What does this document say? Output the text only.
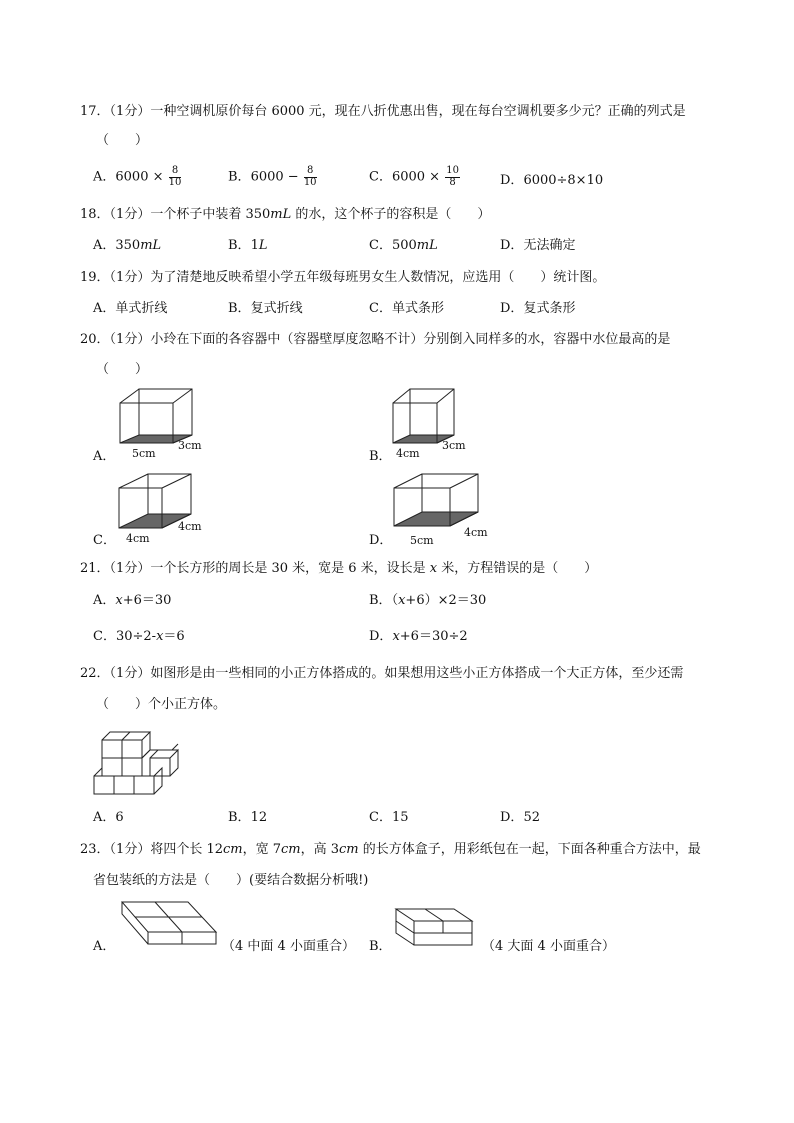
17．（1分）一种空调机原价每台 6000 元，现在八折优惠出售，现在每台空调机要多少元？正确的列式是
（　　）
A．$6000 \times \frac{8}{10}$	B．$6000 - \frac{8}{10}$	C．$6000 \times \frac{10}{8}$	D．6000÷8×10
18．（1分）一个杯子中装着 350mL 的水，这个杯子的容积是（　　）
A．350mL	B．1L	C．500mL	D．无法确定
19．（1分）为了清楚地反映希望小学五年级每班男女生人数情况，应选用（　　）统计图。
A．单式折线	B．复式折线	C．单式条形	D．复式条形
20．（1分）小玲在下面的各容器中（容器壁厚度忽略不计）分别倒入同样多的水，容器中水位最高的是
（　　）
A． 5cm
3cm
B． 4cm
3cm
C． 4cm
4cm
D． 5cm
4cm
21．（1分）一个长方形的周长是 30 米，宽是 6 米，设长是 x 米，方程错误的是（　　）
A．x+6＝30	B．（x+6）×2＝30
C．30÷2-x＝6	D．x+6＝30÷2
22．（1分）如图形是由一些相同的小正方体搭成的。如果想用这些小正方体搭成一个大正方体，至少还需
（　　）个小正方体。
A．6	B．12	C．15	D．52
23．（1分）将四个长 12cm，宽 7cm，高 3cm 的长方体盒子，用彩纸包在一起，下面各种重合方法中，最
省包装纸的方法是（　　）(要结合数据分析哦!)
A．	（4 中面 4 小面重合） B．	（4 大面 4 小面重合）
